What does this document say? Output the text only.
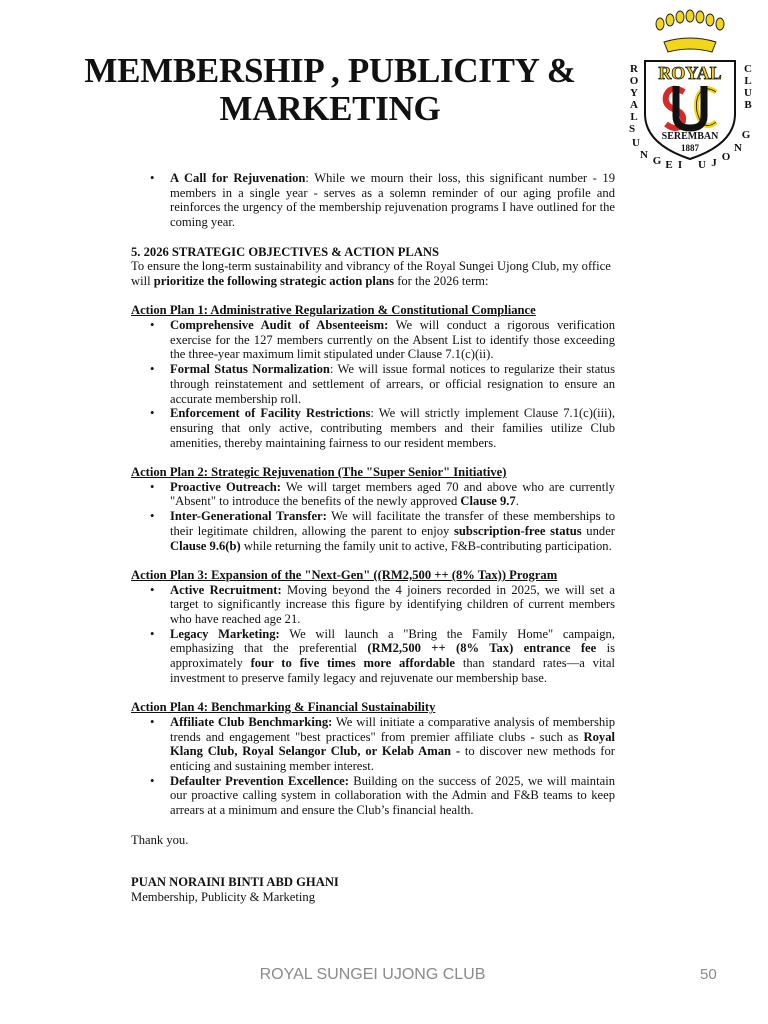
MEMBERSHIP , PUBLICITY &
MARKETING
ROYAL
SEREMBAN
1887
R
O
Y
A
L
C
L
U
B
S
U
N G E I U J O
N
G
• A Call for Rejuvenation: While we mourn their loss, this significant number - 19 members in a single year - serves as a solemn reminder of our aging profile and reinforces the urgency of the membership rejuvenation programs I have outlined for the coming year.
5. 2026 STRATEGIC OBJECTIVES & ACTION PLANS
To ensure the long-term sustainability and vibrancy of the Royal Sungei Ujong Club, my office will prioritize the following strategic action plans for the 2026 term:
Action Plan 1: Administrative Regularization & Constitutional Compliance
• Comprehensive Audit of Absenteeism: We will conduct a rigorous verification exercise for the 127 members currently on the Absent List to identify those exceeding the three-year maximum limit stipulated under Clause 7.1(c)(ii).
• Formal Status Normalization: We will issue formal notices to regularize their status through reinstatement and settlement of arrears, or official resignation to ensure an accurate membership roll.
• Enforcement of Facility Restrictions: We will strictly implement Clause 7.1(c)(iii), ensuring that only active, contributing members and their families utilize Club amenities, thereby maintaining fairness to our resident members.
Action Plan 2: Strategic Rejuvenation (The "Super Senior" Initiative)
• Proactive Outreach: We will target members aged 70 and above who are currently "Absent" to introduce the benefits of the newly approved Clause 9.7.
• Inter-Generational Transfer: We will facilitate the transfer of these memberships to their legitimate children, allowing the parent to enjoy subscription-free status under Clause 9.6(b) while returning the family unit to active, F&B-contributing participation.
Action Plan 3: Expansion of the "Next-Gen" ((RM2,500 ++ (8% Tax)) Program
• Active Recruitment: Moving beyond the 4 joiners recorded in 2025, we will set a target to significantly increase this figure by identifying children of current members who have reached age 21.
• Legacy Marketing: We will launch a "Bring the Family Home" campaign, emphasizing that the preferential (RM2,500 ++ (8% Tax) entrance fee is approximately four to five times more affordable than standard rates—a vital investment to preserve family legacy and rejuvenate our membership base.
Action Plan 4: Benchmarking & Financial Sustainability
• Affiliate Club Benchmarking: We will initiate a comparative analysis of membership trends and engagement "best practices" from premier affiliate clubs - such as Royal Klang Club, Royal Selangor Club, or Kelab Aman - to discover new methods for enticing and sustaining member interest.
• Defaulter Prevention Excellence: Building on the success of 2025, we will maintain our proactive calling system in collaboration with the Admin and F&B teams to keep arrears at a minimum and ensure the Club’s financial health.
Thank you.
PUAN NORAINI BINTI ABD GHANI
Membership, Publicity & Marketing
ROYAL SUNGEI UJONG CLUB	50
